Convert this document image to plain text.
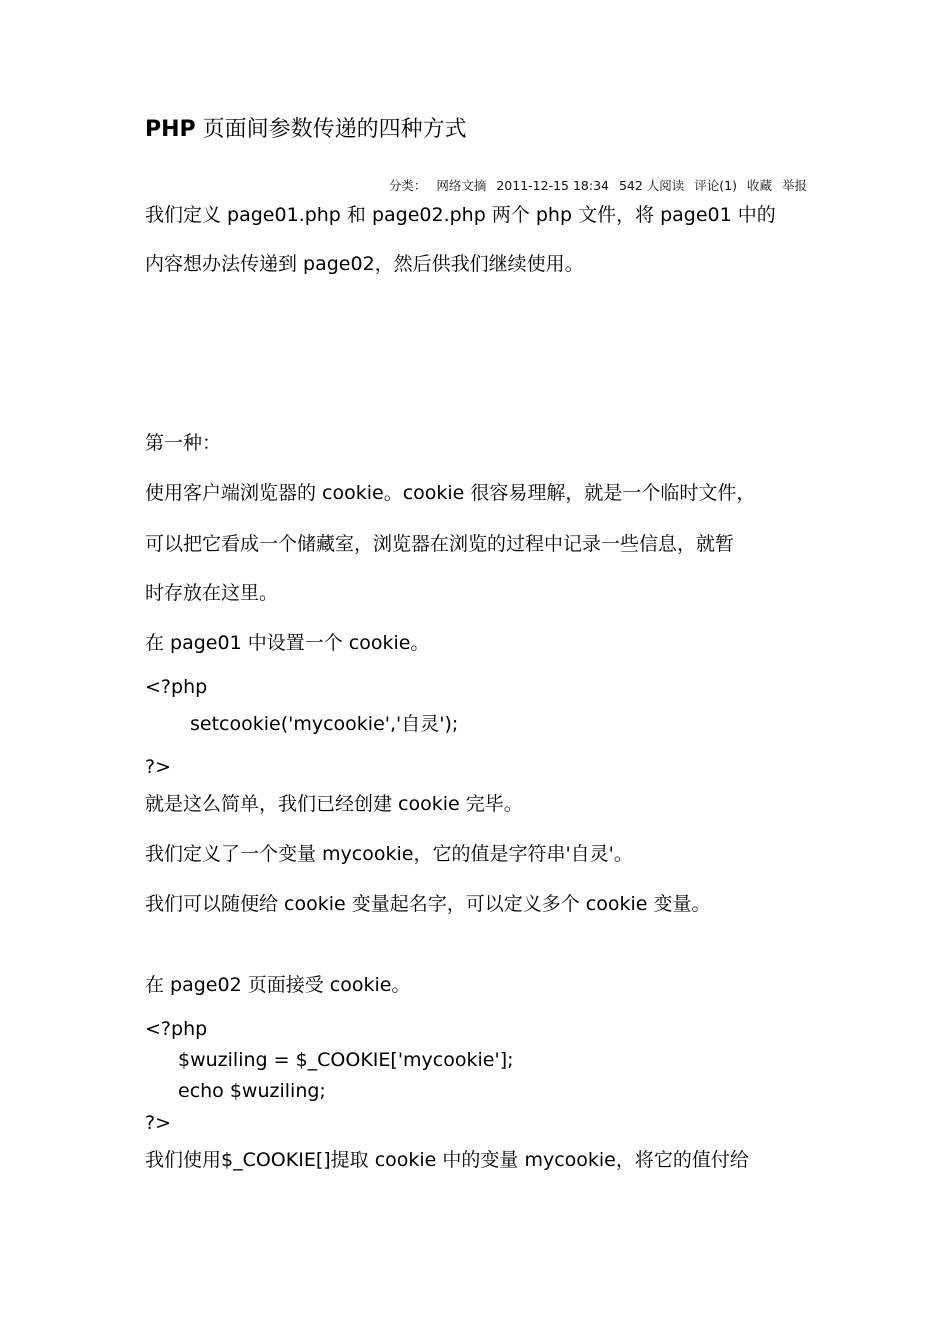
PHP 页面间参数传递的四种方式
分类： 网络文摘 2011-12-15 18:34 542 人阅读 评论(1) 收藏 举报
我们定义 page01.php 和 page02.php 两个 php 文件，将 page01 中的
内容想办法传递到 page02，然后供我们继续使用。
第一种：
使用客户端浏览器的 cookie。cookie 很容易理解，就是一个临时文件，
可以把它看成一个储藏室，浏览器在浏览的过程中记录一些信息，就暂
时存放在这里。
在 page01 中设置一个 cookie。
<?php
setcookie('mycookie','自灵');
?>
就是这么简单，我们已经创建 cookie 完毕。
我们定义了一个变量 mycookie，它的值是字符串'自灵'。
我们可以随便给 cookie 变量起名字，可以定义多个 cookie 变量。
在 page02 页面接受 cookie。
<?php
$wuziling = $_COOKIE['mycookie'];
echo $wuziling;
?>
我们使用$_COOKIE[]提取 cookie 中的变量 mycookie，将它的值付给
